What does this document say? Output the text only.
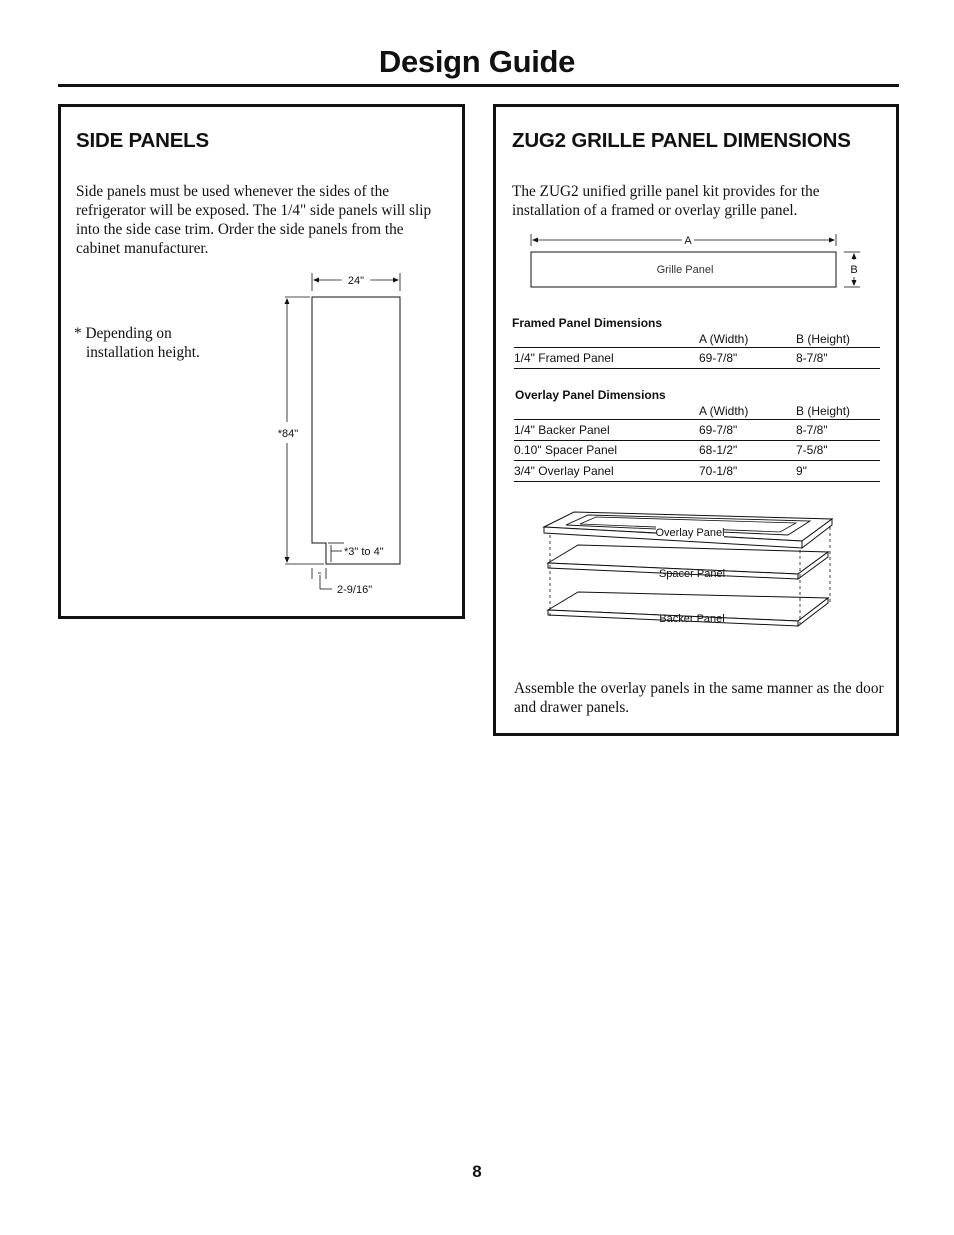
Design Guide
SIDE PANELS

Side panels must be used whenever the sides of the refrigerator will be exposed. The 1/4" side panels will slip into the side case trim. Order the side panels from the cabinet manufacturer.

* Depending on

installation height.

24"
*84"
*3" to 4"
2-9/16"
ZUG2 GRILLE PANEL DIMENSIONS

The ZUG2 unified grille panel kit provides for the installation of a framed or overlay grille panel.

A
Grille Panel	B
Framed Panel Dimensions
A (Width)	B (Height)
1/4" Framed Panel	69-7/8"	8-7/8"
Overlay Panel Dimensions
A (Width)	B (Height)
1/4" Backer Panel	69-7/8"	8-7/8"
0.10" Spacer Panel	68-1/2"	7-5/8"
3/4" Overlay Panel	70-1/8"	9"
Overlay Panel
Spacer Panel
Backer Panel

Assemble the overlay panels in the same manner as the door and drawer panels.

8
